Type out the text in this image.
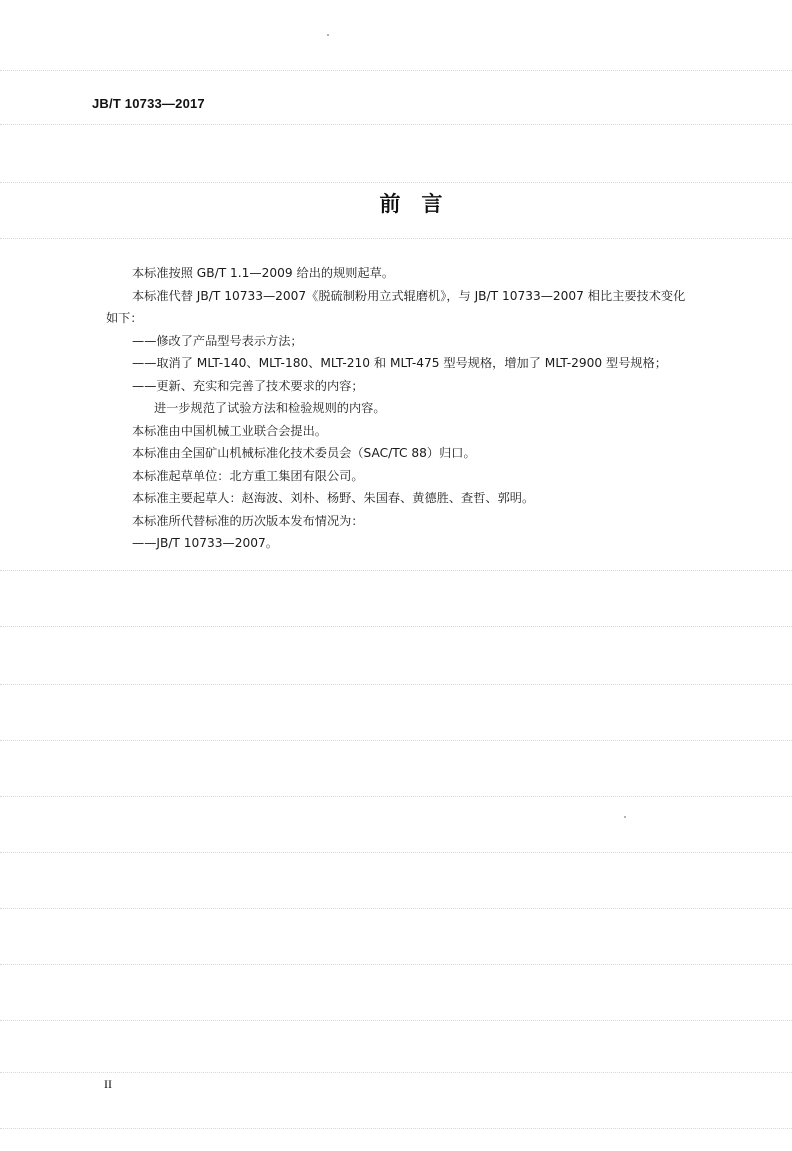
JB/T 10733—2017
前　言

本标准按照 GB/T 1.1—2009 给出的规则起草。

本标准代替 JB/T 10733—2007《脱硫制粉用立式辊磨机》，与 JB/T 10733—2007 相比主要技术变化

如下：

——修改了产品型号表示方法；

——取消了 MLT-140、MLT-180、MLT-210 和 MLT-475 型号规格，增加了 MLT-2900 型号规格；

——更新、充实和完善了技术要求的内容；

进一步规范了试验方法和检验规则的内容。

本标准由中国机械工业联合会提出。

本标准由全国矿山机械标准化技术委员会（SAC/TC 88）归口。

本标准起草单位：北方重工集团有限公司。

本标准主要起草人：赵海波、刘朴、杨野、朱国春、黄德胜、查哲、郭明。

本标准所代替标准的历次版本发布情况为：

——JB/T 10733—2007。

II
